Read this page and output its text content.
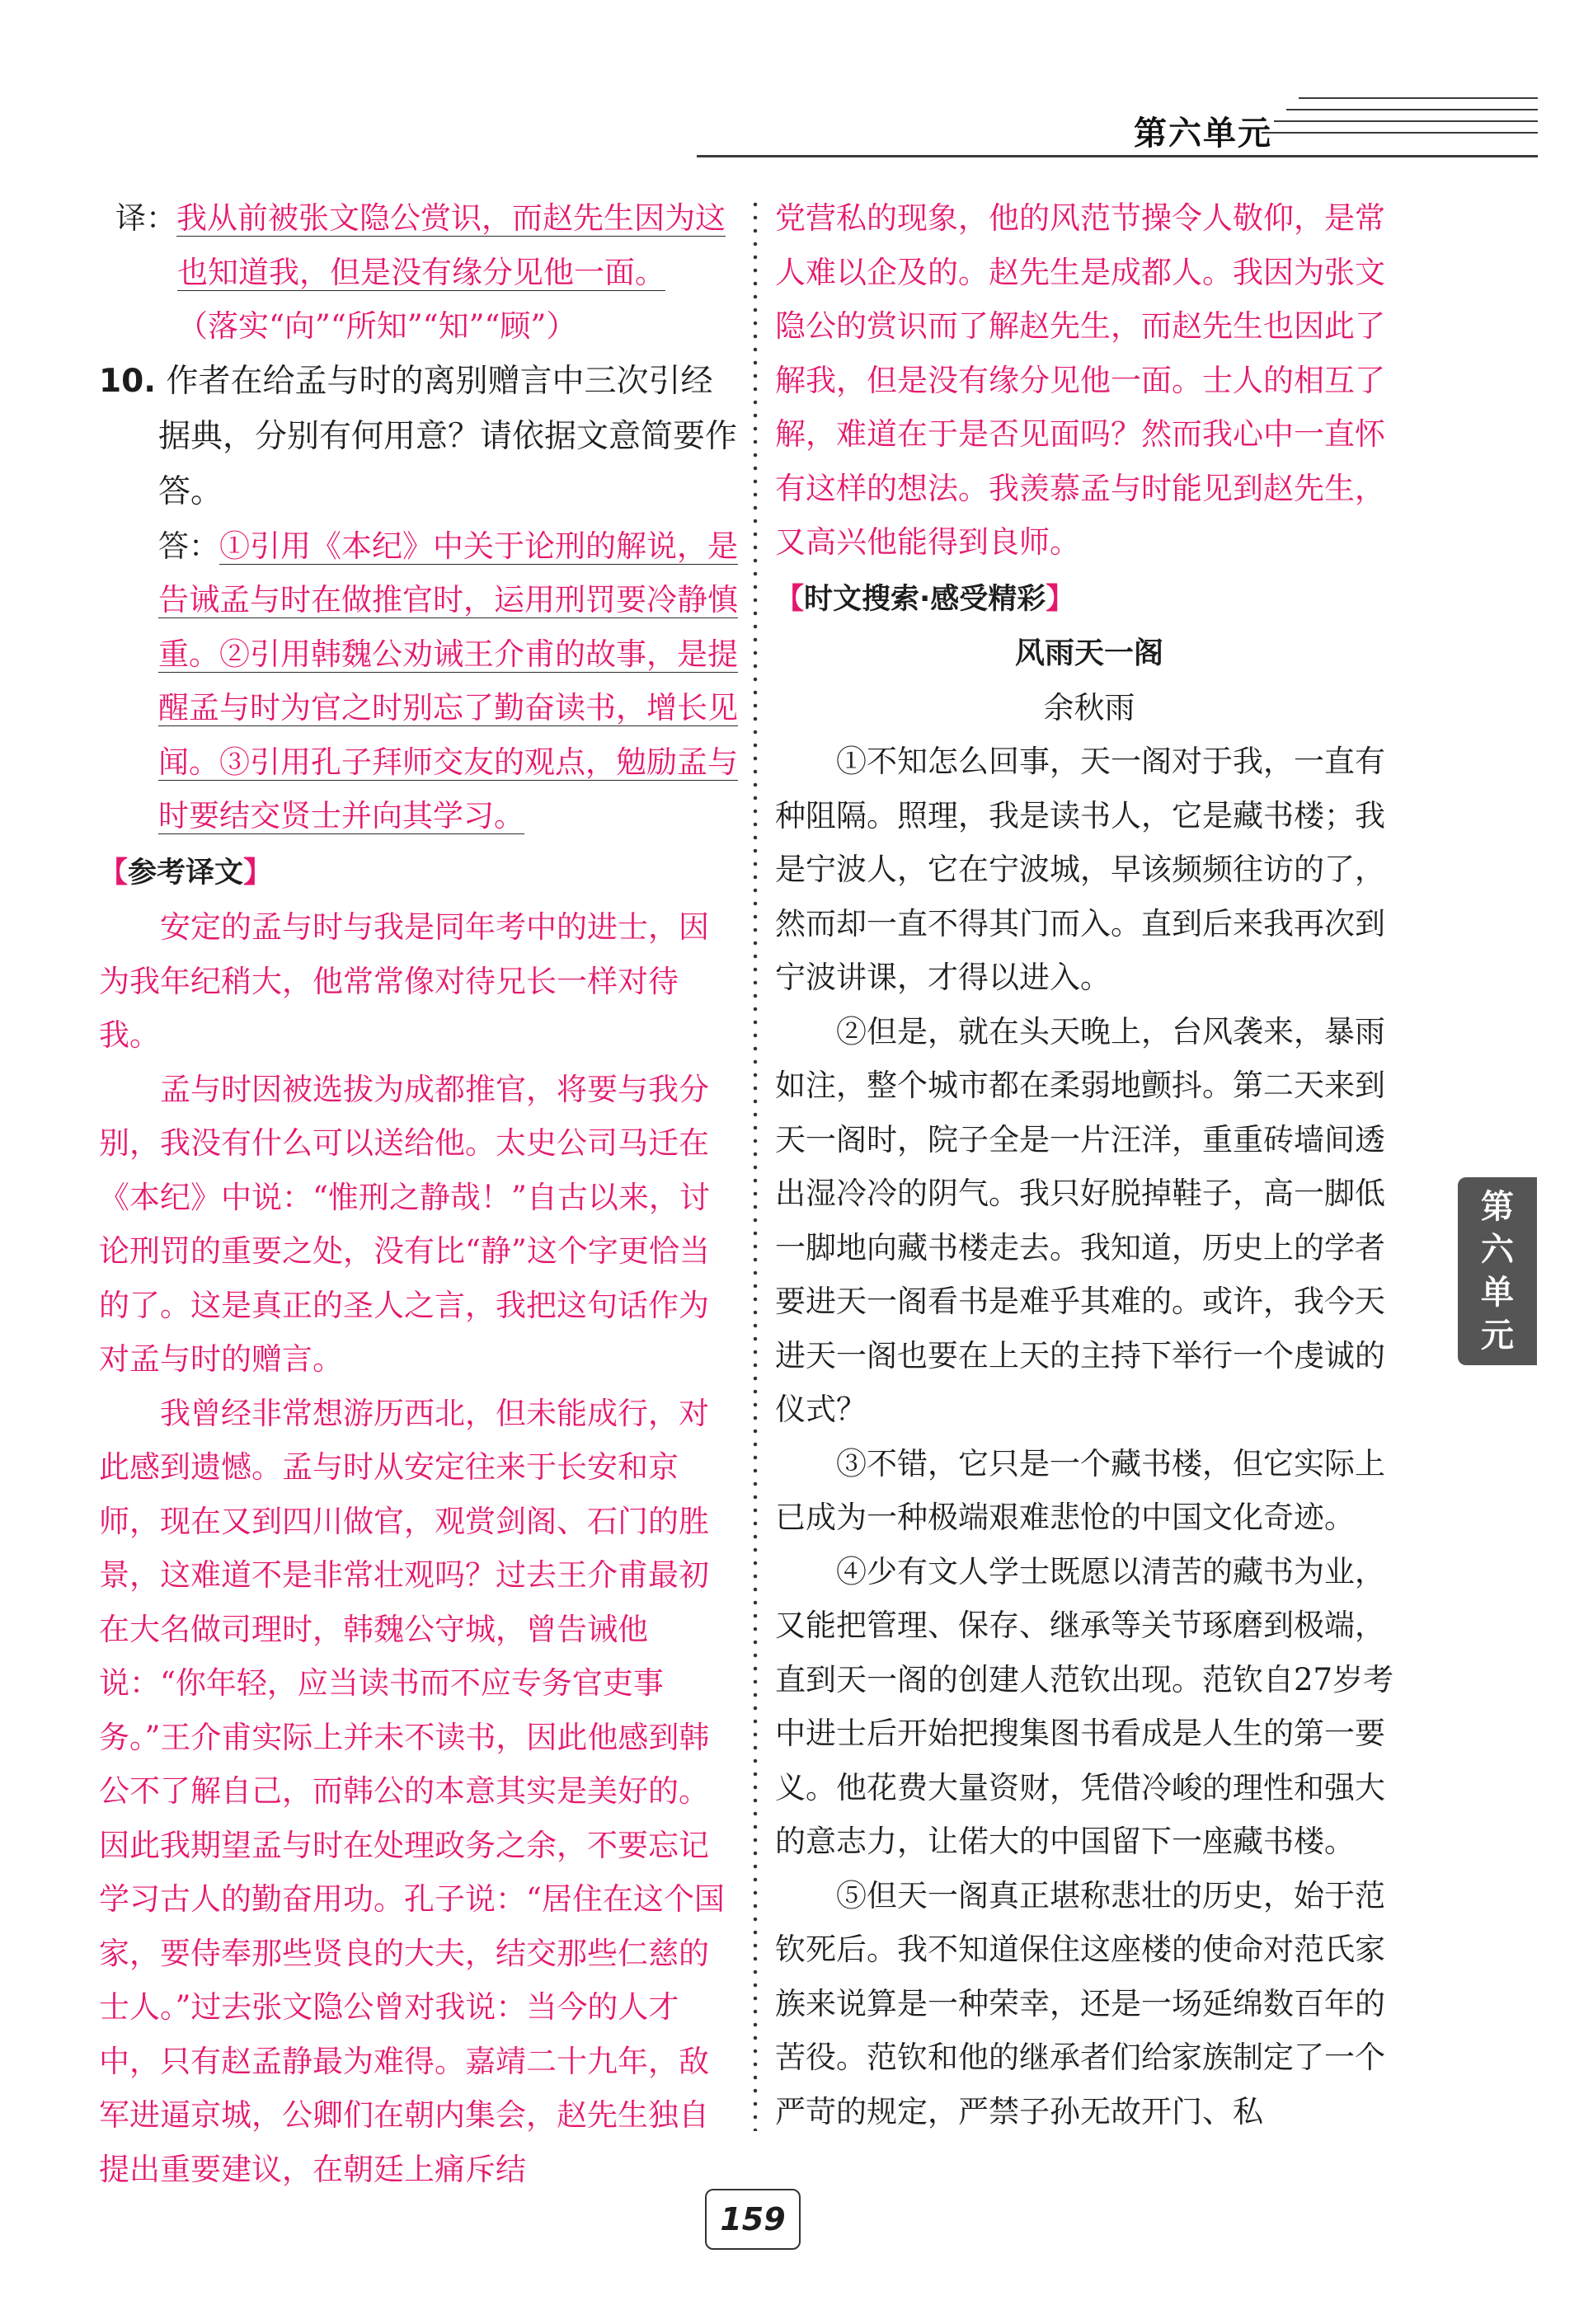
第六单元
第六单元

译：我从前被张文隐公赏识，而赵先生因为这也知道我，但是没有缘分见他一面。
（落实“向”“所知”“知”“顾”）

10. 作者在给孟与时的离别赠言中三次引经据典，分别有何用意？请依据文意简要作答。

答：①引用《本纪》中关于论刑的解说，是告诫孟与时在做推官时，运用刑罚要冷静慎重。②引用韩魏公劝诫王介甫的故事，是提醒孟与时为官之时别忘了勤奋读书，增长见闻。③引用孔子拜师交友的观点，勉励孟与时要结交贤士并向其学习。

【参考译文】

安定的孟与时与我是同年考中的进士，因为我年纪稍大，他常常像对待兄长一样对待我。

孟与时因被选拔为成都推官，将要与我分别，我没有什么可以送给他。太史公司马迁在《本纪》中说：“惟刑之静哉！”自古以来，讨论刑罚的重要之处，没有比“静”这个字更恰当的了。这是真正的圣人之言，我把这句话作为对孟与时的赠言。

我曾经非常想游历西北，但未能成行，对此感到遗憾。孟与时从安定往来于长安和京师，现在又到四川做官，观赏剑阁、石门的胜景，这难道不是非常壮观吗？过去王介甫最初在大名做司理时，韩魏公守城，曾告诫他说：“你年轻，应当读书而不应专务官吏事务。”王介甫实际上并未不读书，因此他感到韩公不了解自己，而韩公的本意其实是美好的。因此我期望孟与时在处理政务之余，不要忘记学习古人的勤奋用功。孔子说：“居住在这个国家，要侍奉那些贤良的大夫，结交那些仁慈的士人。”过去张文隐公曾对我说：当今的人才中，只有赵孟静最为难得。嘉靖二十九年，敌军进逼京城，公卿们在朝内集会，赵先生独自提出重要建议，在朝廷上痛斥结

党营私的现象，他的风范节操令人敬仰，是常人难以企及的。赵先生是成都人。我因为张文隐公的赏识而了解赵先生，而赵先生也因此了解我，但是没有缘分见他一面。士人的相互了解，难道在于是否见面吗？然而我心中一直怀有这样的想法。我羡慕孟与时能见到赵先生，又高兴他能得到良师。

【时文搜索·感受精彩】

风雨天一阁

余秋雨

①不知怎么回事，天一阁对于我，一直有种阻隔。照理，我是读书人，它是藏书楼；我是宁波人，它在宁波城，早该频频往访的了，然而却一直不得其门而入。直到后来我再次到宁波讲课，才得以进入。

②但是，就在头天晚上，台风袭来，暴雨如注，整个城市都在柔弱地颤抖。第二天来到天一阁时，院子全是一片汪洋，重重砖墙间透出湿冷冷的阴气。我只好脱掉鞋子，高一脚低一脚地向藏书楼走去。我知道，历史上的学者要进天一阁看书是难乎其难的。或许，我今天进天一阁也要在上天的主持下举行一个虔诚的仪式？

③不错，它只是一个藏书楼，但它实际上已成为一种极端艰难悲怆的中国文化奇迹。

④少有文人学士既愿以清苦的藏书为业，又能把管理、保存、继承等关节琢磨到极端，直到天一阁的创建人范钦出现。范钦自27岁考中进士后开始把搜集图书看成是人生的第一要义。他花费大量资财，凭借冷峻的理性和强大的意志力，让偌大的中国留下一座藏书楼。

⑤但天一阁真正堪称悲壮的历史，始于范钦死后。我不知道保住这座楼的使命对范氏家族来说算是一种荣幸，还是一场延绵数百年的苦役。范钦和他的继承者们给家族制定了一个严苛的规定，严禁子孙无故开门、私

159
